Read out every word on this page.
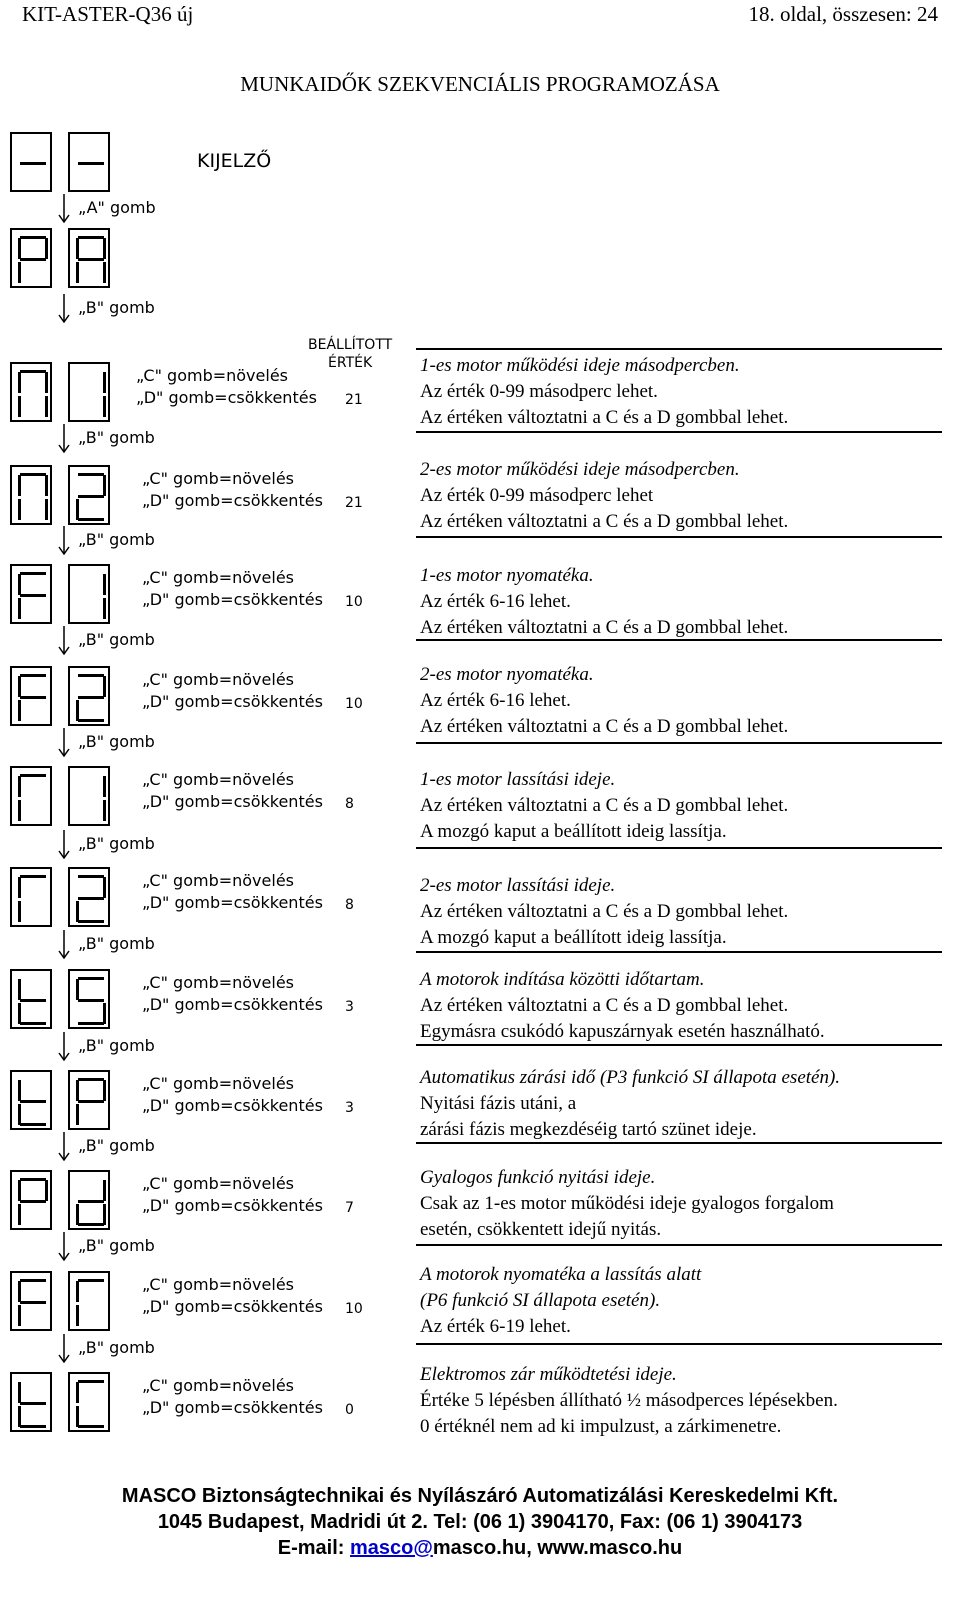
KIT-ASTER-Q36 új	18. oldal, összesen: 24
MUNKAIDŐK SZEKVENCIÁLIS PROGRAMOZÁSA
KIJELZŐ
BEÁLLÍTOTT
ÉRTÉK
„C" gomb=növelés
„D" gomb=csökkentés 21
„C" gomb=növelés
„D" gomb=csökkentés 21
„C" gomb=növelés
„D" gomb=csökkentés 10
„C" gomb=növelés
„D" gomb=csökkentés 10
„C" gomb=növelés
„D" gomb=csökkentés 8
„C" gomb=növelés
„D" gomb=csökkentés 8
„C" gomb=növelés
„D" gomb=csökkentés 3
„C" gomb=növelés
„D" gomb=csökkentés 3
„C" gomb=növelés
„D" gomb=csökkentés 7
„C" gomb=növelés
„D" gomb=csökkentés 10
„C" gomb=növelés
„D" gomb=csökkentés 0
„A" gomb
„B" gomb
„B" gomb
„B" gomb
„B" gomb
„B" gomb
„B" gomb
„B" gomb
„B" gomb
„B" gomb
„B" gomb
„B" gomb
1-es motor működési ideje másodpercben.
Az érték 0-99 másodperc lehet.
Az értéken változtatni a C és a D gombbal lehet.
2-es motor működési ideje másodpercben.
Az érték 0-99 másodperc lehet
Az értéken változtatni a C és a D gombbal lehet.
1-es motor nyomatéka.
Az érték 6-16 lehet.
Az értéken változtatni a C és a D gombbal lehet.
2-es motor nyomatéka.
Az érték 6-16 lehet.
Az értéken változtatni a C és a D gombbal lehet.
1-es motor lassítási ideje.
Az értéken változtatni a C és a D gombbal lehet.
A mozgó kaput a beállított ideig lassítja.
2-es motor lassítási ideje.
Az értéken változtatni a C és a D gombbal lehet.
A mozgó kaput a beállított ideig lassítja.
A motorok indítása közötti időtartam.
Az értéken változtatni a C és a D gombbal lehet.
Egymásra csukódó kapuszárnyak esetén használható.
Automatikus zárási idő (P3 funkció SI állapota esetén).
Nyitási fázis utáni, a
zárási fázis megkezdéséig tartó szünet ideje.
Gyalogos funkció nyitási ideje.
Csak az 1-es motor működési ideje gyalogos forgalom
esetén, csökkentett idejű nyitás.
A motorok nyomatéka a lassítás alatt
(P6 funkció SI állapota esetén).
Az érték 6-19 lehet.
Elektromos zár működtetési ideje.
Értéke 5 lépésben állítható ½ másodperces lépésekben.
0 értéknél nem ad ki impulzust, a zárkimenetre.
MASCO Biztonságtechnikai és Nyílászáró Automatizálási Kereskedelmi Kft.
1045 Budapest, Madridi út 2. Tel: (06 1) 3904170, Fax: (06 1) 3904173
E-mail: masco@masco.hu, www.masco.hu
